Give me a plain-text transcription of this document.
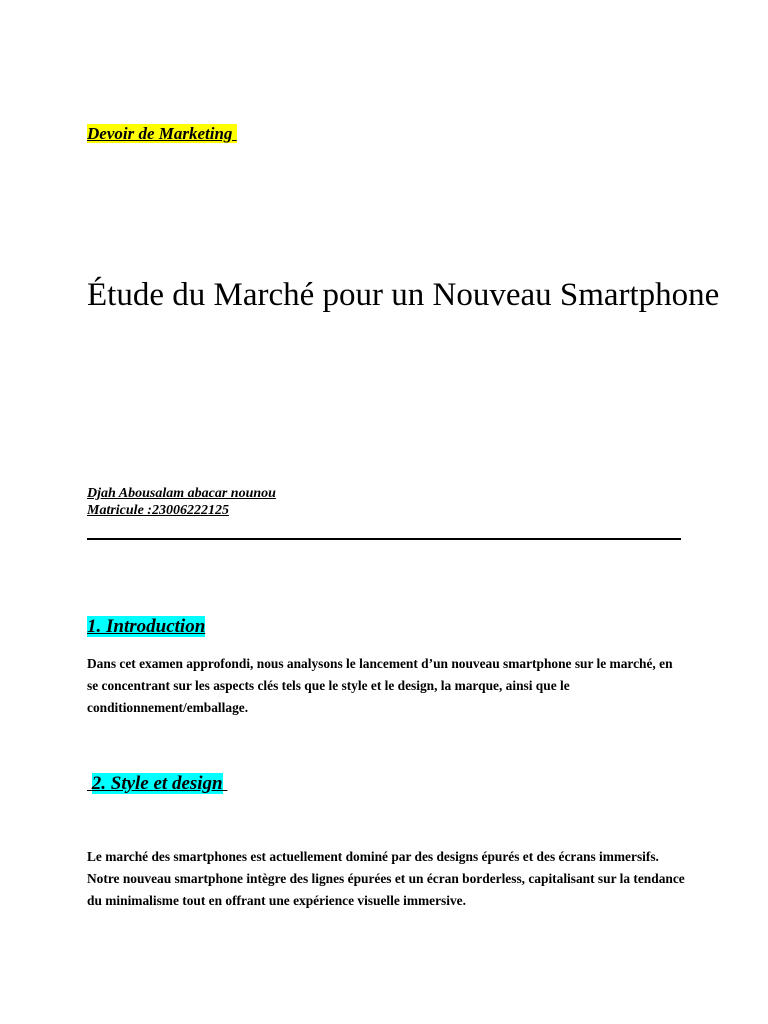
Devoir de Marketing
Étude du Marché pour un Nouveau Smartphone
Djah Abousalam abacar nounou
Matricule :23006222125
1. Introduction

Dans cet examen approfondi, nous analysons le lancement d’un nouveau smartphone sur le marché, en se concentrant sur les aspects clés tels que le style et le design, la marque, ainsi que le conditionnement/emballage.

2. Style et design

Le marché des smartphones est actuellement dominé par des designs épurés et des écrans immersifs. Notre nouveau smartphone intègre des lignes épurées et un écran borderless, capitalisant sur la tendance du minimalisme tout en offrant une expérience visuelle immersive.
